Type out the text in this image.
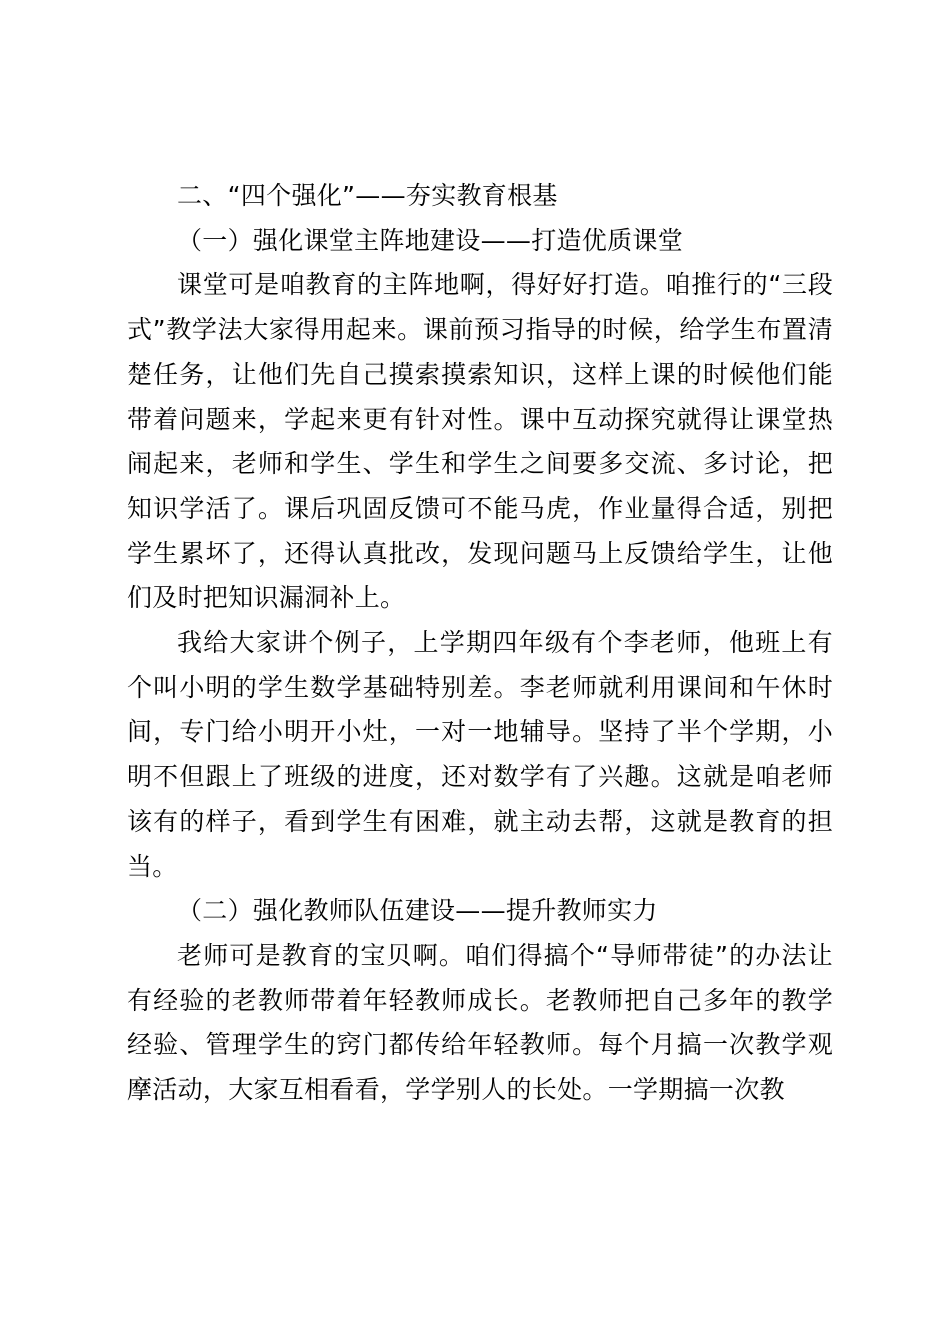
二、“四个强化”——夯实教育根基

（一）强化课堂主阵地建设——打造优质课堂

课堂可是咱教育的主阵地啊，得好好打造。咱推行的“三段式”教学法大家得用起来。课前预习指导的时候，给学生布置清楚任务，让他们先自己摸索摸索知识，这样上课的时候他们能带着问题来，学起来更有针对性。课中互动探究就得让课堂热闹起来，老师和学生、学生和学生之间要多交流、多讨论，把知识学活了。课后巩固反馈可不能马虎，作业量得合适，别把学生累坏了，还得认真批改，发现问题马上反馈给学生，让他们及时把知识漏洞补上。

我给大家讲个例子，上学期四年级有个李老师，他班上有个叫小明的学生数学基础特别差。李老师就利用课间和午休时间，专门给小明开小灶，一对一地辅导。坚持了半个学期，小明不但跟上了班级的进度，还对数学有了兴趣。这就是咱老师该有的样子，看到学生有困难，就主动去帮，这就是教育的担当。

（二）强化教师队伍建设——提升教师实力

老师可是教育的宝贝啊。咱们得搞个“导师带徒”的办法让有经验的老教师带着年轻教师成长。老教师把自己多年的教学经验、管理学生的窍门都传给年轻教师。每个月搞一次教学观摩活动，大家互相看看，学学别人的长处。一学期搞一次教
